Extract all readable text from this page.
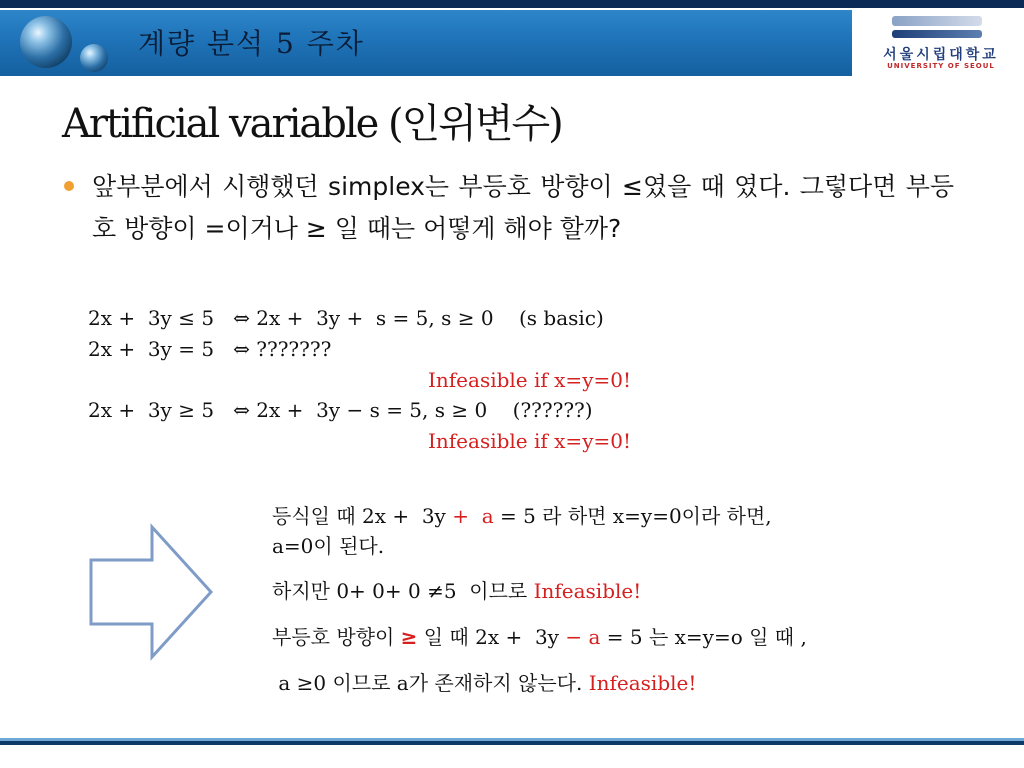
계량 분석 5 주차	서울시립대학교
UNIVERSITY OF SEOUL
Artificial variable (인위변수)
앞부분에서 시행했던 simplex는 부등호 방향이 ≤였을 때 였다. 그렇다면 부등호 방향이 =이거나 ≥ 일 때는 어떻게 해야 할까?
2x +  3y ≤ 5   ⇔ 2x +  3y +  s = 5, s ≥ 0    (s basic)
2x +  3y = 5   ⇔ ???????
Infeasible if x=y=0!
2x +  3y ≥ 5   ⇔ 2x +  3y − s = 5, s ≥ 0    (??????)
Infeasible if x=y=0!
등식일 때 2x +  3y +  a = 5 라 하면 x=y=0이라 하면,
a=0이 된다.
하지만 0+ 0+ 0 ≠5  이므로 Infeasible!
부등호 방향이 ≥ 일 때 2x +  3y − a = 5 는 x=y=o 일 때 ,
a ≥0 이므로 a가 존재하지 않는다. Infeasible!
